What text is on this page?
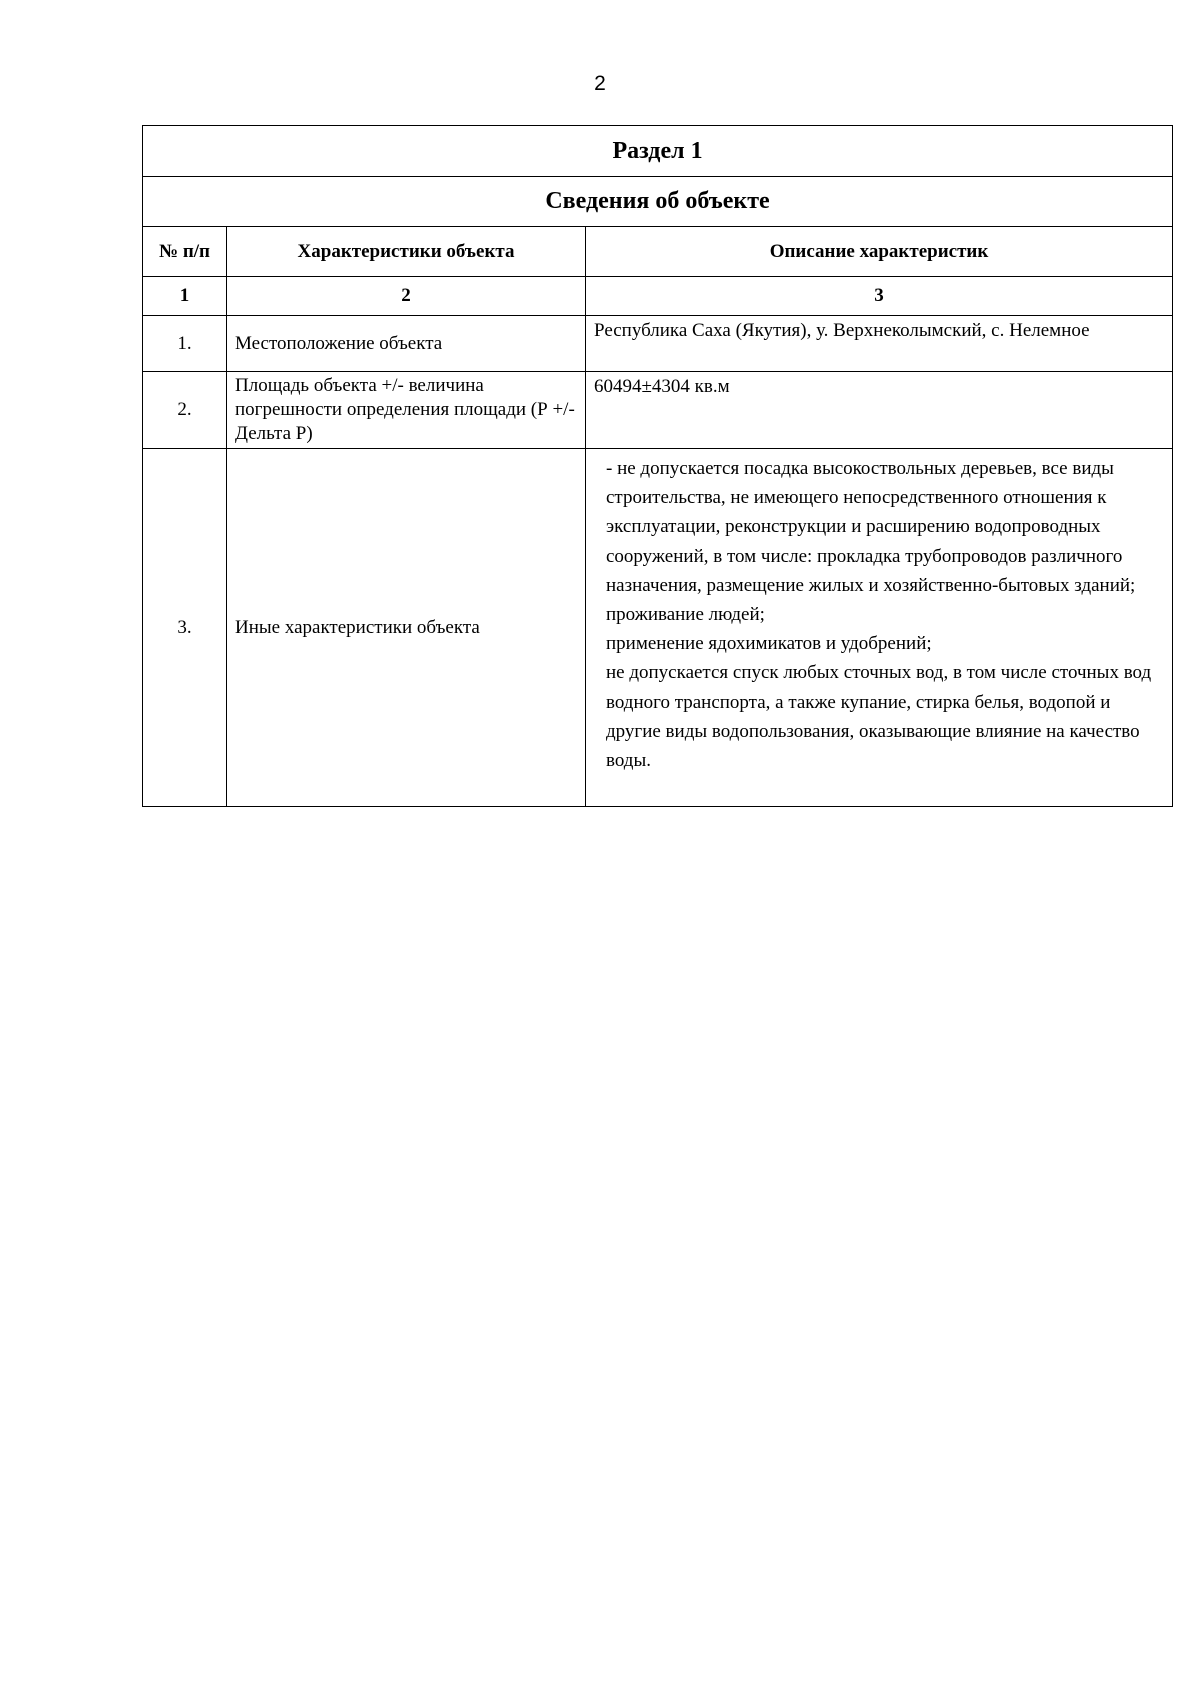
2
Раздел 1		
Сведения об объекте		
№ п/п	Характеристики объекта	Описание характеристик
1	2	3
1.	Местоположение объекта	Республика Саха (Якутия), у. Верхнеколымский, с. Нелемное
2.	Площадь объекта +/- величина погрешности определения площади (Р +/- Дельта Р)	60494±4304 кв.м
3.	Иные характеристики объекта	- не допускается посадка высокоствольных деревьев, все виды строительства, не имеющего непосредственного отношения к эксплуатации, реконструкции и расширению водопроводных сооружений, в том числе: прокладка трубопроводов различного назначения, размещение жилых и хозяйственно-бытовых зданий; проживание людей;
применение ядохимикатов и удобрений;
не допускается спуск любых сточных вод, в том числе сточных вод водного транспорта, а также купание, стирка белья, водопой и другие виды водопользования, оказывающие влияние на качество воды.
